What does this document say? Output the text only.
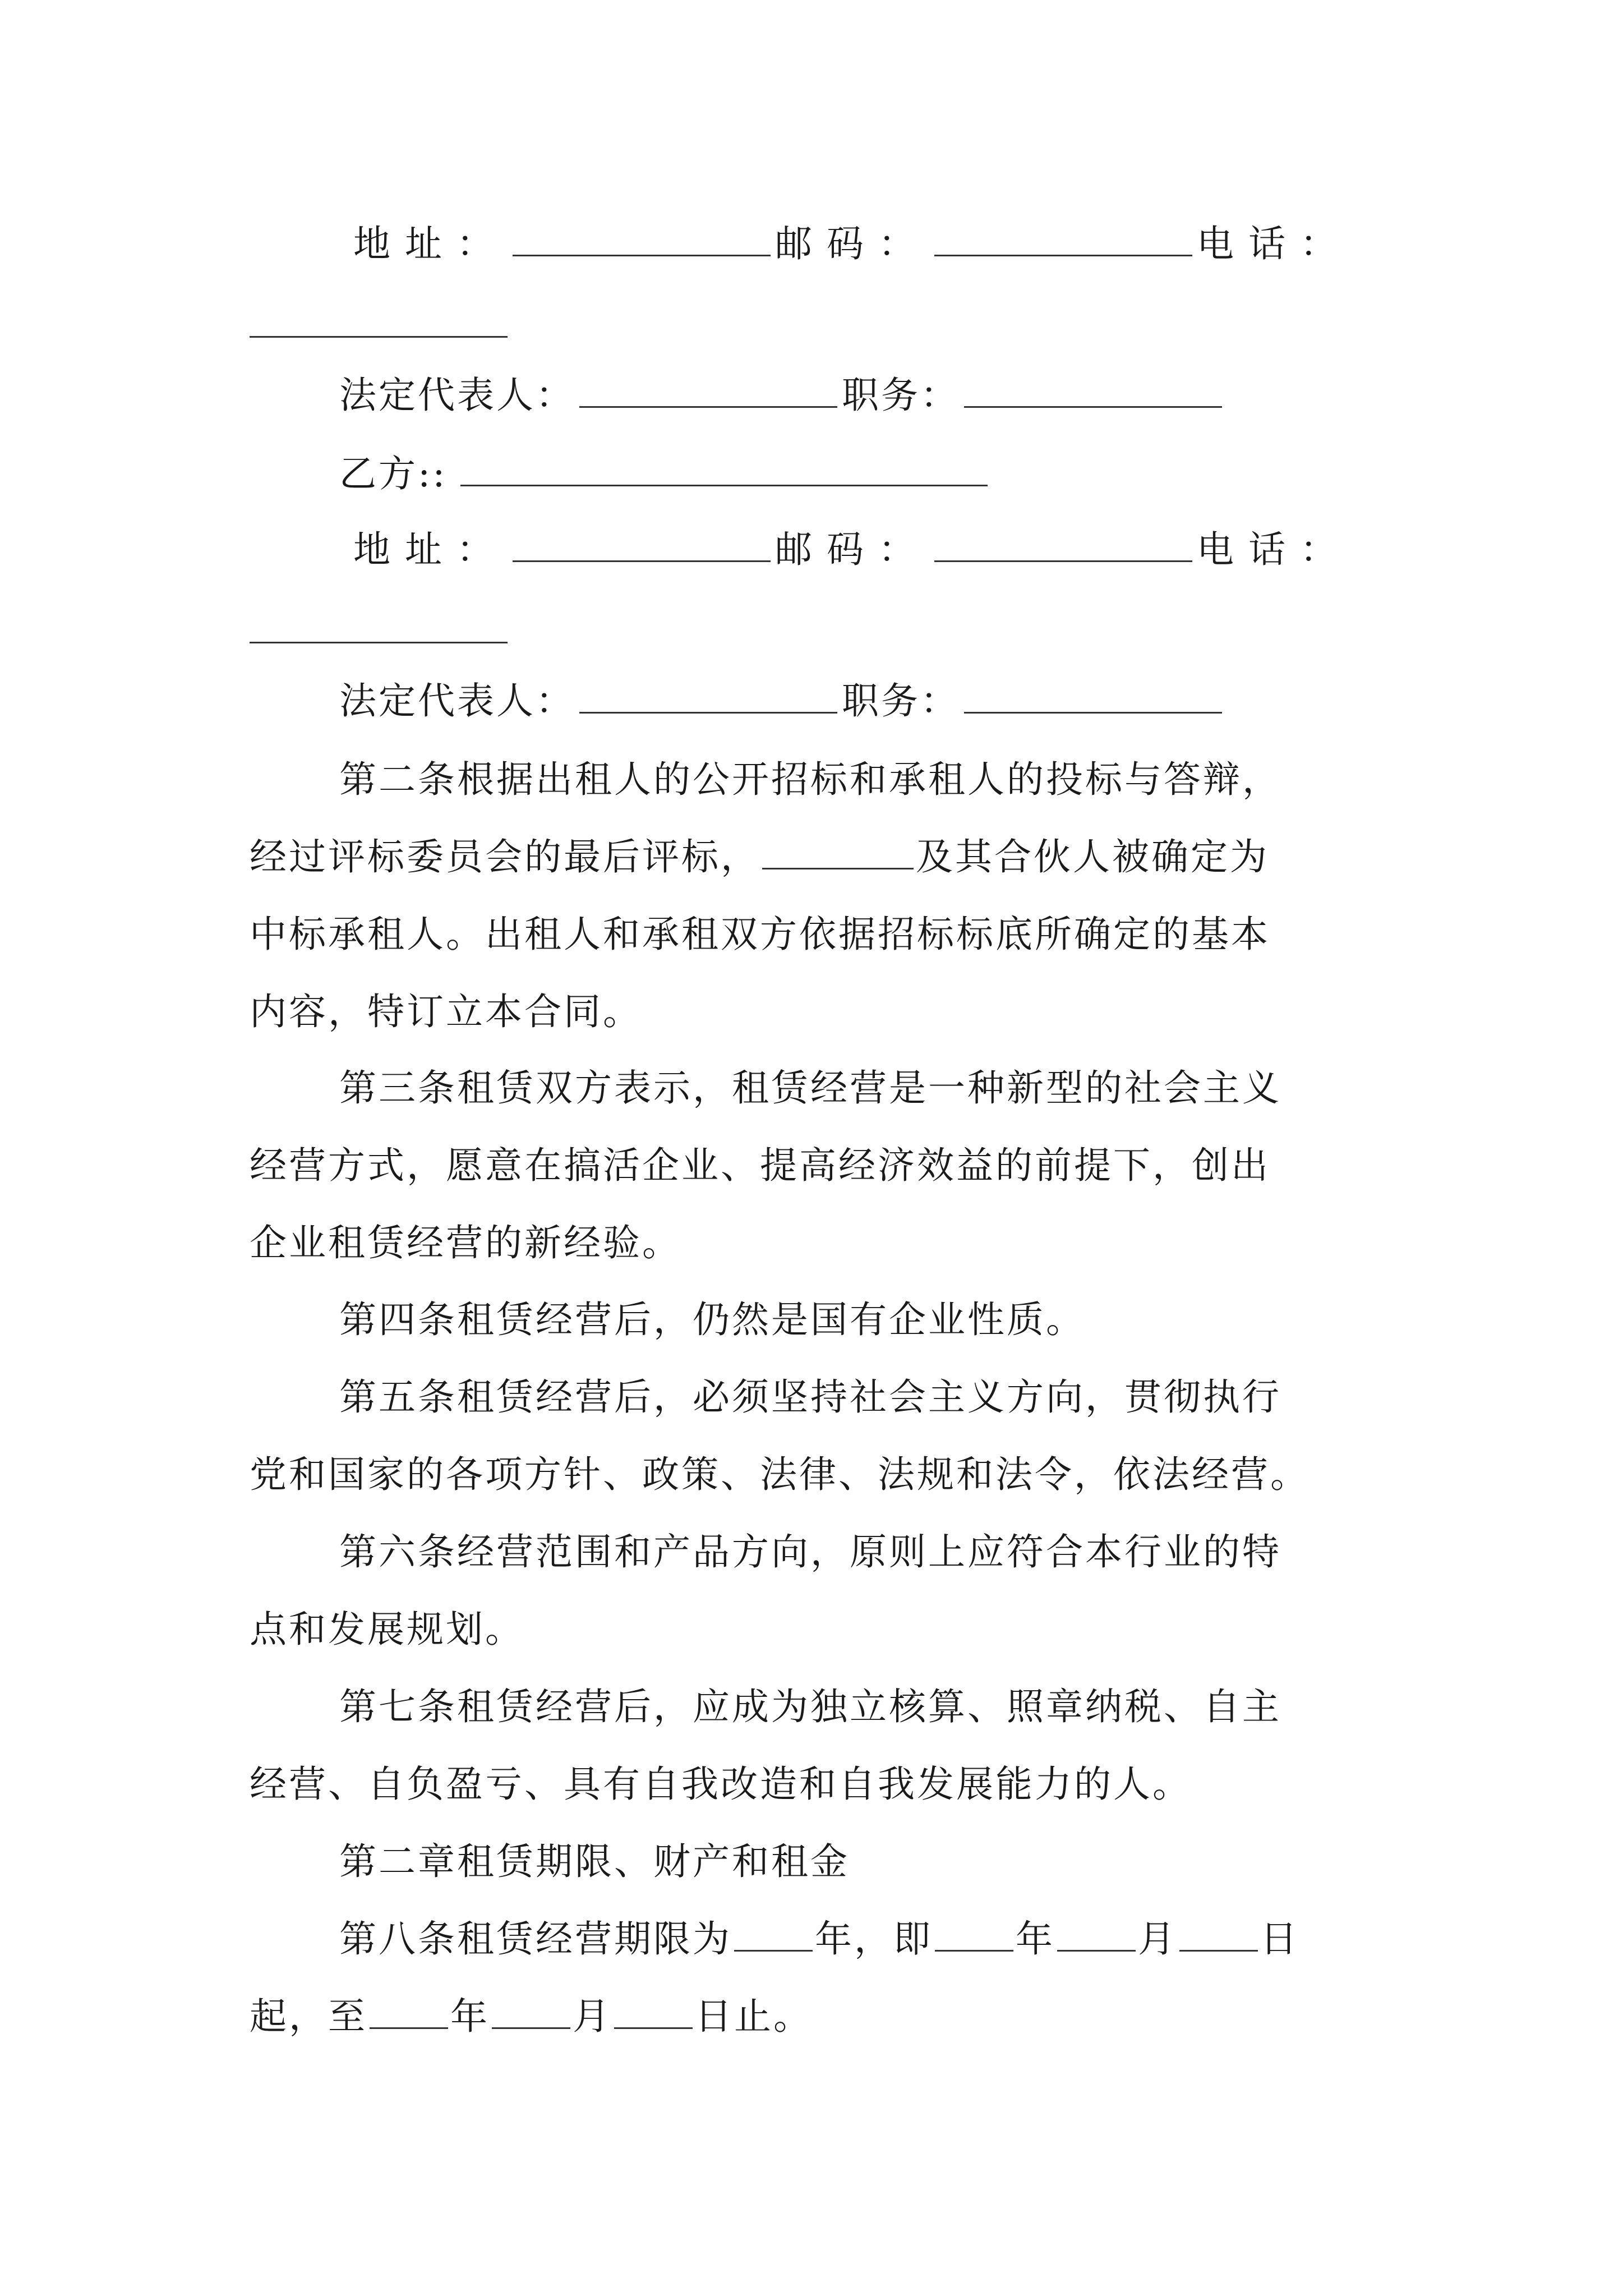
地址：	邮码：	电话：
法定代表人：	职务：
乙方::
地址：	邮码：	电话：
法定代表人：	职务：
第二条根据出租人的公开招标和承租人的投标与答辩，
经过评标委员会的最后评标，	及其合伙人被确定为
中标承租人。出租人和承租双方依据招标标底所确定的基本
内容，特订立本合同。
第三条租赁双方表示，租赁经营是一种新型的社会主义
经营方式，愿意在搞活企业、提高经济效益的前提下，创出
企业租赁经营的新经验。
第四条租赁经营后，仍然是国有企业性质。
第五条租赁经营后，必须坚持社会主义方向，贯彻执行
党和国家的各项方针、政策、法律、法规和法令，依法经营。
第六条经营范围和产品方向，原则上应符合本行业的特
点和发展规划。
第七条租赁经营后，应成为独立核算、照章纳税、自主
经营、自负盈亏、具有自我改造和自我发展能力的人。
第二章租赁期限、财产和租金
第八条租赁经营期限为 年，即 年 月 日
起，至 年 月 日止。
